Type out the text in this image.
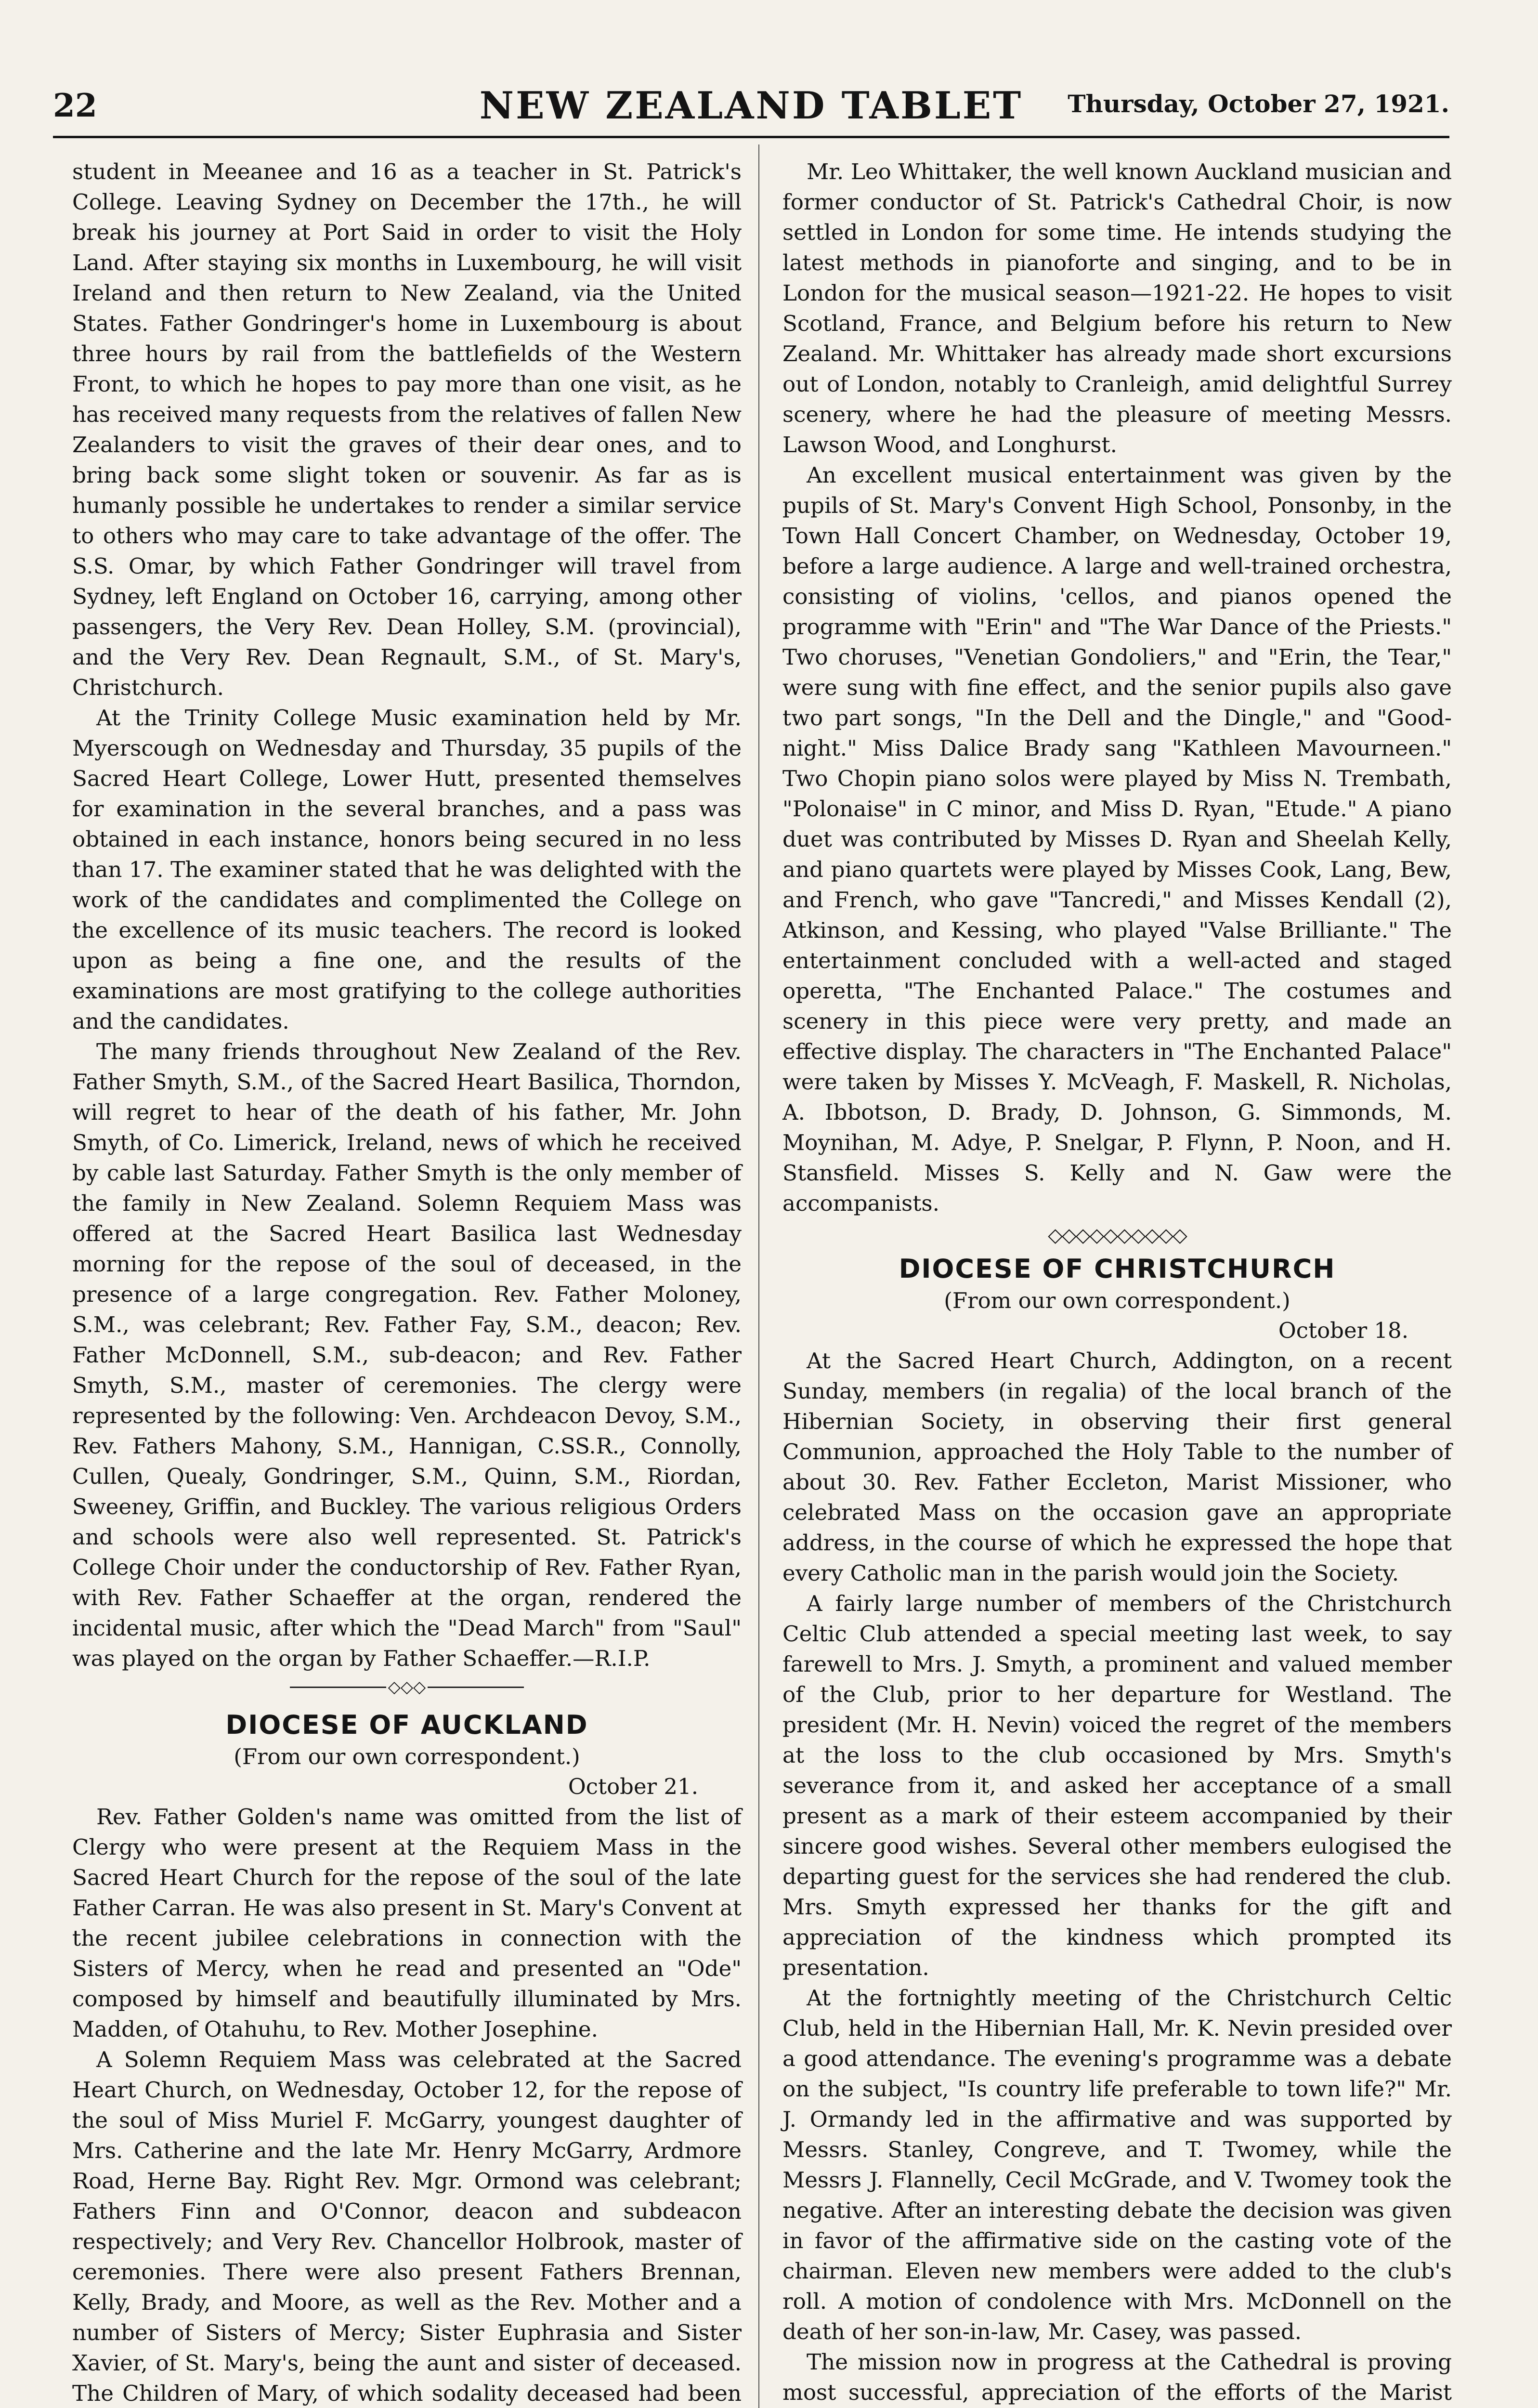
NEW ZEALAND TABLET
22	Thursday, October 27, 1921.

student in Meeanee and 16 as a teacher in St. Patrick's College. Leaving Sydney on December the 17th., he will break his journey at Port Said in order to visit the Holy Land. After staying six months in Luxembourg, he will visit Ireland and then return to New Zealand, via the United States. Father Gondringer's home in Luxembourg is about three hours by rail from the battlefields of the Western Front, to which he hopes to pay more than one visit, as he has received many requests from the relatives of fallen New Zealanders to visit the graves of their dear ones, and to bring back some slight token or souvenir. As far as is humanly possible he undertakes to render a similar service to others who may care to take advantage of the offer. The S.S. Omar, by which Father Gondringer will travel from Sydney, left England on October 16, carrying, among other passengers, the Very Rev. Dean Holley, S.M. (provincial), and the Very Rev. Dean Regnault, S.M., of St. Mary's, Christchurch.

At the Trinity College Music examination held by Mr. Myerscough on Wednesday and Thursday, 35 pupils of the Sacred Heart College, Lower Hutt, presented themselves for examination in the several branches, and a pass was obtained in each instance, honors being secured in no less than 17. The examiner stated that he was delighted with the work of the candidates and complimented the College on the excellence of its music teachers. The record is looked upon as being a fine one, and the results of the examinations are most gratifying to the college authorities and the candidates.

The many friends throughout New Zealand of the Rev. Father Smyth, S.M., of the Sacred Heart Basilica, Thorndon, will regret to hear of the death of his father, Mr. John Smyth, of Co. Limerick, Ireland, news of which he received by cable last Saturday. Father Smyth is the only member of the family in New Zealand. Solemn Requiem Mass was offered at the Sacred Heart Basilica last Wednesday morning for the repose of the soul of deceased, in the presence of a large congregation. Rev. Father Moloney, S.M., was celebrant; Rev. Father Fay, S.M., deacon; Rev. Father McDonnell, S.M., sub-deacon; and Rev. Father Smyth, S.M., master of ceremonies. The clergy were represented by the following: Ven. Archdeacon Devoy, S.M., Rev. Fathers Mahony, S.M., Hannigan, C.SS.R., Connolly, Cullen, Quealy, Gondringer, S.M., Quinn, S.M., Riordan, Sweeney, Griffin, and Buckley. The various religious Orders and schools were also well represented. St. Patrick's College Choir under the conductorship of Rev. Father Ryan, with Rev. Father Schaeffer at the organ, rendered the incidental music, after which the "Dead March" from "Saul" was played on the organ by Father Schaeffer.—R.I.P.

◇◇◇
DIOCESE OF AUCKLAND
(From our own correspondent.)
October 21.

Rev. Father Golden's name was omitted from the list of Clergy who were present at the Requiem Mass in the Sacred Heart Church for the repose of the soul of the late Father Carran. He was also present in St. Mary's Convent at the recent jubilee celebrations in connection with the Sisters of Mercy, when he read and presented an "Ode" composed by himself and beautifully illuminated by Mrs. Madden, of Otahuhu, to Rev. Mother Josephine.

A Solemn Requiem Mass was celebrated at the Sacred Heart Church, on Wednesday, October 12, for the repose of the soul of Miss Muriel F. McGarry, youngest daughter of Mrs. Catherine and the late Mr. Henry McGarry, Ardmore Road, Herne Bay. Right Rev. Mgr. Ormond was celebrant; Fathers Finn and O'Connor, deacon and subdeacon respectively; and Very Rev. Chancellor Holbrook, master of ceremonies. There were also present Fathers Brennan, Kelly, Brady, and Moore, as well as the Rev. Mother and a number of Sisters of Mercy; Sister Euphrasia and Sister Xavier, of St. Mary's, being the aunt and sister of deceased. The Children of Mary, of which sodality deceased had been

Mr. Leo Whittaker, the well known Auckland musician and former conductor of St. Patrick's Cathedral Choir, is now settled in London for some time. He intends studying the latest methods in pianoforte and singing, and to be in London for the musical season—1921-22. He hopes to visit Scotland, France, and Belgium before his return to New Zealand. Mr. Whittaker has already made short excursions out of London, notably to Cranleigh, amid delightful Surrey scenery, where he had the pleasure of meeting Messrs. Lawson Wood, and Longhurst.

An excellent musical entertainment was given by the pupils of St. Mary's Convent High School, Ponsonby, in the Town Hall Concert Chamber, on Wednesday, October 19, before a large audience. A large and well-trained orchestra, consisting of violins, 'cellos, and pianos opened the programme with "Erin" and "The War Dance of the Priests." Two choruses, "Venetian Gondoliers," and "Erin, the Tear," were sung with fine effect, and the senior pupils also gave two part songs, "In the Dell and the Dingle," and "Good-night." Miss Dalice Brady sang "Kathleen Mavourneen." Two Chopin piano solos were played by Miss N. Trembath, "Polonaise" in C minor, and Miss D. Ryan, "Etude." A piano duet was contributed by Misses D. Ryan and Sheelah Kelly, and piano quartets were played by Misses Cook, Lang, Bew, and French, who gave "Tancredi," and Misses Kendall (2), Atkinson, and Kessing, who played "Valse Brilliante." The entertainment concluded with a well-acted and staged operetta, "The Enchanted Palace." The costumes and scenery in this piece were very pretty, and made an effective display. The characters in "The Enchanted Palace" were taken by Misses Y. McVeagh, F. Maskell, R. Nicholas, A. Ibbotson, D. Brady, D. Johnson, G. Simmonds, M. Moynihan, M. Adye, P. Snelgar, P. Flynn, P. Noon, and H. Stansfield. Misses S. Kelly and N. Gaw were the accompanists.

◇◇◇◇◇◇◇◇◇◇
DIOCESE OF CHRISTCHURCH
(From our own correspondent.)
October 18.

At the Sacred Heart Church, Addington, on a recent Sunday, members (in regalia) of the local branch of the Hibernian Society, in observing their first general Communion, approached the Holy Table to the number of about 30. Rev. Father Eccleton, Marist Missioner, who celebrated Mass on the occasion gave an appropriate address, in the course of which he expressed the hope that every Catholic man in the parish would join the Society.

A fairly large number of members of the Christchurch Celtic Club attended a special meeting last week, to say farewell to Mrs. J. Smyth, a prominent and valued member of the Club, prior to her departure for Westland. The president (Mr. H. Nevin) voiced the regret of the members at the loss to the club occasioned by Mrs. Smyth's severance from it, and asked her acceptance of a small present as a mark of their esteem accompanied by their sincere good wishes. Several other members eulogised the departing guest for the services she had rendered the club. Mrs. Smyth expressed her thanks for the gift and appreciation of the kindness which prompted its presentation.

At the fortnightly meeting of the Christchurch Celtic Club, held in the Hibernian Hall, Mr. K. Nevin presided over a good attendance. The evening's programme was a debate on the subject, "Is country life preferable to town life?" Mr. J. Ormandy led in the affirmative and was supported by Messrs. Stanley, Congreve, and T. Twomey, while the Messrs J. Flannelly, Cecil McGrade, and V. Twomey took the negative. After an interesting debate the decision was given in favor of the affirmative side on the casting vote of the chairman. Eleven new members were added to the club's roll. A motion of condolence with Mrs. McDonnell on the death of her son-in-law, Mr. Casey, was passed.

The mission now in progress at the Cathedral is proving most successful, appreciation of the efforts of the Marist
